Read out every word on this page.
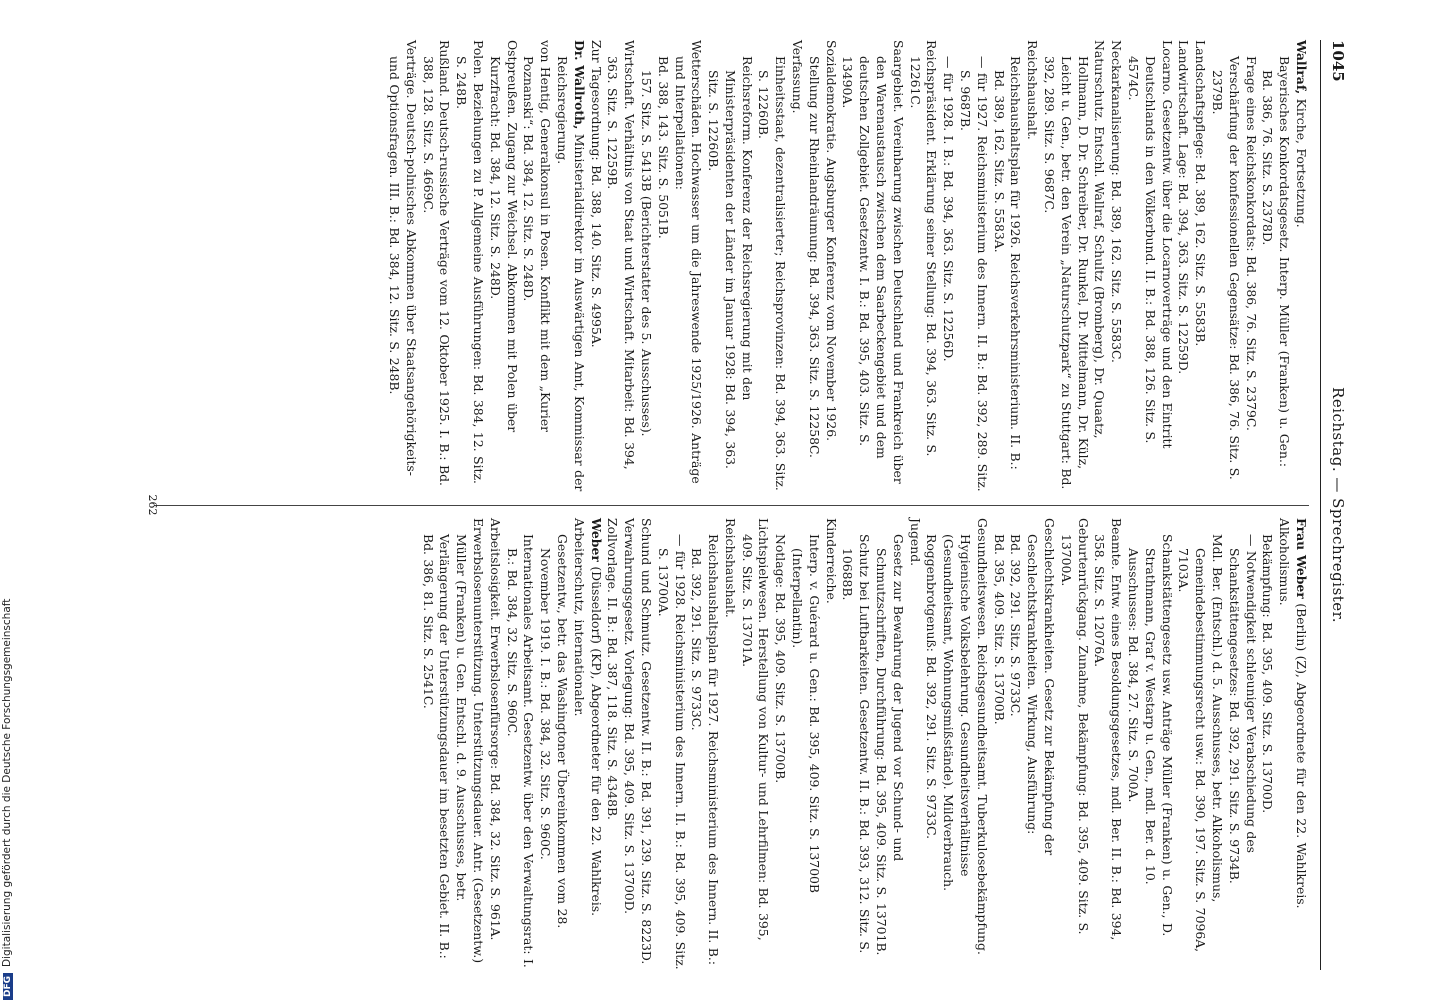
1045
Reichstag. — Sprechregister.

Wallraf, Kirche, Fortsetzung.

Bayerisches Konkordatsgesetz. Interp. Müller (Franken) u. Gen.: Bd. 386, 76. Sitz. S. 2378D.

Frage eines Reichskonkordats: Bd. 386, 76. Sitz. S. 2379C.

Verschärfung der konfessionellen Gegensätze: Bd. 386, 76. Sitz. S. 2379B.

Landschaftspflege: Bd. 389, 162. Sitz. S. 5583B.

Landwirtschaft. Lage: Bd. 394, 363. Sitz. S. 12259D.

Locarno. Gesetzentw. über die Locarnoverträge und den Eintritt Deutschlands in den Völkerbund. II. B.: Bd. 388, 126. Sitz. S. 4574C.

Neckarkanalisierung: Bd. 389, 162. Sitz. S. 5583C.

Naturschutz. Entschl. Wallraf, Schultz (Bromberg), Dr. Quaatz, Hollmann, D. Dr. Schreiber, Dr. Runkel, Dr. Mittelmann, Dr. Külz, Leicht u. Gen., betr. den Verein „Naturschutzpark“ zu Stuttgart: Bd. 392, 289. Sitz. S. 9687C.

Reichshaushalt.

Reichshaushaltsplan für 1926. Reichsverkehrsministerium. II. B.: Bd. 389, 162. Sitz. S. 5583A.

— für 1927. Reichsministerium des Innern. II. B.: Bd. 392, 289. Sitz. S. 9687B.

— für 1928. I. B.: Bd. 394, 363. Sitz. S. 12256D.

Reichspräsident. Erklärung seiner Stellung: Bd. 394, 363. Sitz. S. 12261C.

Saargebiet. Vereinbarung zwischen Deutschland und Frankreich über den Warenaustausch zwischen dem Saarbeckengebiet und dem deutschen Zollgebiet. Gesetzentw. I. B.: Bd. 395, 403. Sitz. S. 13490A.

Sozialdemokratie. Augsburger Konferenz vom November 1926. Stellung zur Rheinlandräumung: Bd. 394, 363. Sitz. S. 12258C.

Verfassung.

Einheitsstaat, dezentralisierter; Reichsprovinzen: Bd. 394, 363. Sitz. S. 12260B.

Reichsreform. Konferenz der Reichsregierung mit den Ministerpräsidenten der Länder im Januar 1928: Bd. 394, 363. Sitz. S. 12260B.

Wetterschäden. Hochwasser um die Jahreswende 1925/1926. Anträge und Interpellationen:

Bd. 388, 143. Sitz. S. 5051B.

157. Sitz. S. 5413B (Berichterstatter des 5. Ausschusses).

Wirtschaft. Verhältnis von Staat und Wirtschaft. Mitarbeit: Bd. 394, 363. Sitz. S. 12259B.

Zur Tagesordnung: Bd. 388, 140. Sitz. S. 4995A.

Dr. Wallroth, Ministerialdirektor im Auswärtigen Amt, Kommissar der Reichsregierung.

von Hentig, Generalkonsul in Posen. Konflikt mit dem „Kurier Poznanski“: Bd. 384, 12. Sitz. S. 248D.

Ostpreußen. Zugang zur Weichsel. Abkommen mit Polen über Kurzfracht: Bd. 384, 12. Sitz. S. 248D.

Polen. Beziehungen zu P. Allgemeine Ausführungen: Bd. 384, 12. Sitz. S. 248B.

Rußland. Deutsch-russische Verträge vom 12. Oktober 1925. I. B.: Bd. 388, 128. Sitz. S. 4669C.

Verträge. Deutsch-polnisches Abkommen über Staatsangehörigkeits- und Optionsfragen. III. B.: Bd. 384, 12. Sitz. S. 248B.

Frau Weber (Berlin) (Z), Abgeordnete für den 22. Wahlkreis.

Alkoholismus.

Bekämpfung: Bd. 395, 409. Sitz. S. 13700D.

— Notwendigkeit schleuniger Verabschiedung des Schankstättengesetzes: Bd. 392, 291. Sitz. S. 9734B.

Mdl. Ber. (Entschl.) d. 5. Ausschusses, betr. Alkoholismus, Gemeindebestimmungsrecht usw.: Bd. 390, 197. Sitz. S. 7096A, 7103A.

Schankstättengesetz usw. Anträge Müller (Franken) u. Gen., D. Strathmann, Graf v. Westarp u. Gen., mdl. Ber. d. 10. Ausschusses: Bd. 384, 27. Sitz. S. 700A.

Beamte. Entw. eines Besoldungsgesetzes, mdl. Ber. II. B.: Bd. 394, 358. Sitz. S. 12076A.

Geburtenrückgang. Zunahme, Bekämpfung: Bd. 395, 409. Sitz. S. 13700A.

Geschlechtskrankheiten. Gesetz zur Bekämpfung der Geschlechtskrankheiten. Wirkung, Ausführung:

Bd. 392, 291. Sitz. S. 9733C.

Bd. 395, 409. Sitz. S. 13700B.

Gesundheitswesen. Reichsgesundheitsamt. Tuberkulosebekämpfung. Hygienische Volksbelehrung. Gesundheitsverhältnisse (Gesundheitsamt, Wohnungsmißstände). Mildverbrauch. Roggenbrotgenuß: Bd. 392, 291. Sitz. S. 9733C.

Jugend.

Gesetz zur Bewahrung der Jugend vor Schund- und Schmutzschriften, Durchführung: Bd. 395, 409. Sitz. S. 13701B.

Schutz bei Luftbarkeiten. Gesetzentw. II. B.: Bd. 393, 312. Sitz. S. 10688B.

Kinderreiche.

Interp. v. Guérard u. Gen.: Bd. 395, 409. Sitz. S. 13700B (Interpellantin).

Notlage: Bd. 395, 409. Sitz. S. 13700B.

Lichtspielwesen. Herstellung von Kultur- und Lehrfilmen: Bd. 395, 409. Sitz. S. 13701A.

Reichshaushalt.

Reichshaushaltsplan für 1927. Reichsministerium des Innern. II. B.: Bd. 392, 291. Sitz. S. 9733C.

— für 1928. Reichsministerium des Innern. II. B.: Bd. 395, 409. Sitz. S. 13700A.

Schund und Schmutz. Gesetzentw. II. B.: Bd. 391, 239. Sitz. S. 8223D.

Verwahrungsgesetz. Vorlegung: Bd. 395, 409. Sitz. S. 13700D.

Zollvorlage. II. B.: Bd. 387, 118. Sitz. S. 4348B.

Weber (Düsseldorf) (KP), Abgeordneter für den 22. Wahlkreis.

Arbeiterschutz, internationaler.

Gesetzentw., betr. das Washingtoner Übereinkommen vom 28. November 1919. I. B.: Bd. 384, 32. Sitz. S. 960C.

Internationales Arbeitsamt. Gesetzentw. über den Verwaltungsrat: I. B.: Bd. 384, 32. Sitz. S. 960C.

Arbeitslosigkeit. Erwerbslosenfürsorge: Bd. 384, 32. Sitz. S. 961A.

Erwerbslosenunterstützung. Unterstützungsdauer. Antr. (Gesetzentw.) Müller (Franken) u. Gen. Entschl. d. 9. Ausschusses, betr. Verlängerung der Unterstützungsdauer im besetzten Gebiet. II. B.: Bd. 386, 81. Sitz. S. 2541C.

262
DFGDigitalisierung gefördert durch die Deutsche Forschungsgemeinschaft
